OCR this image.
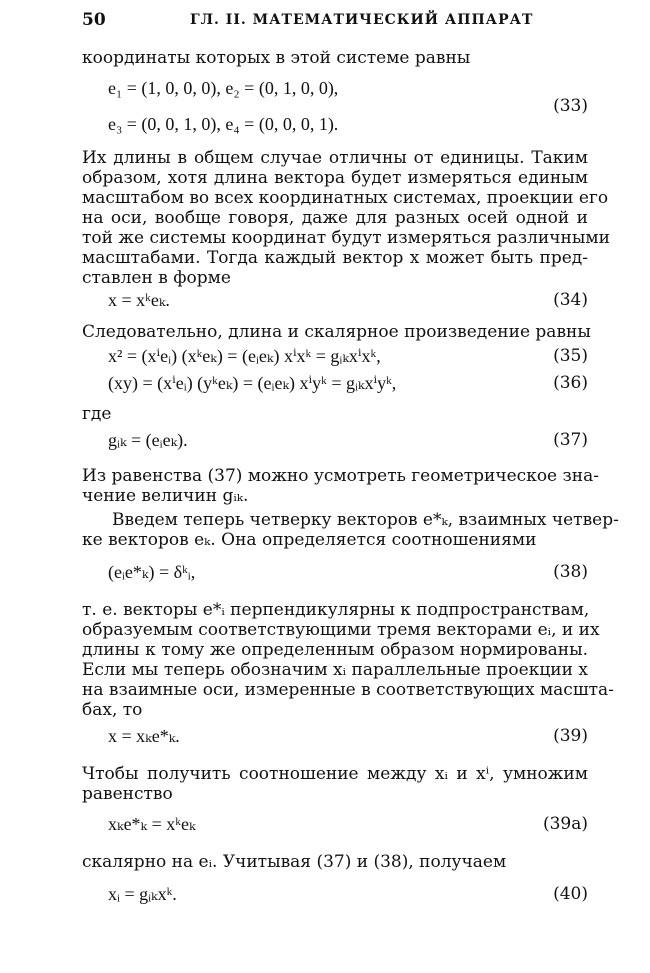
50	ГЛ. II. МАТЕМАТИЧЕСКИЙ АППАРАТ
координаты которых в этой системе равны
e₁ = (1, 0, 0, 0), e₂ = (0, 1, 0, 0),
(33)
e₃ = (0, 0, 1, 0), e₄ = (0, 0, 0, 1).
Их длины в общем случае отличны от единицы. Таким
образом, хотя длина вектора будет измеряться единым
масштабом во всех координатных системах, проекции его
на оси, вообще говоря, даже для разных осей одной и
той же системы координат будут измеряться различными
масштабами. Тогда каждый вектор x может быть пред-
ставлен в форме
x = xᵏeₖ.	(34)
Следовательно, длина и скалярное произведение равны
x² = (xⁱeᵢ) (xᵏeₖ) = (eᵢeₖ) xⁱxᵏ = gᵢₖxⁱxᵏ,	(35)
(xy) = (xⁱeᵢ) (yᵏeₖ) = (eᵢeₖ) xⁱyᵏ = gᵢₖxⁱyᵏ,	(36)
где
gᵢₖ = (eᵢeₖ).	(37)
Из равенства (37) можно усмотреть геометрическое зна-
чение величин gᵢₖ.
Введем теперь четверку векторов e*ₖ, взаимных четвер-
ке векторов eₖ. Она определяется соотношениями
(eᵢe*ₖ) = δᵏᵢ,	(38)
т. е. векторы e*ᵢ перпендикулярны к подпространствам,
образуемым соответствующими тремя векторами eᵢ, и их
длины к тому же определенным образом нормированы.
Если мы теперь обозначим xᵢ параллельные проекции x
на взаимные оси, измеренные в соответствующих масшта-
бах, то
x = xₖe*ₖ.	(39)
Чтобы получить соотношение между xᵢ и xⁱ, умножим
равенство
xₖe*ₖ = xᵏeₖ	(39a)
скалярно на eᵢ. Учитывая (37) и (38), получаем
xᵢ = gᵢₖxᵏ.	(40)
